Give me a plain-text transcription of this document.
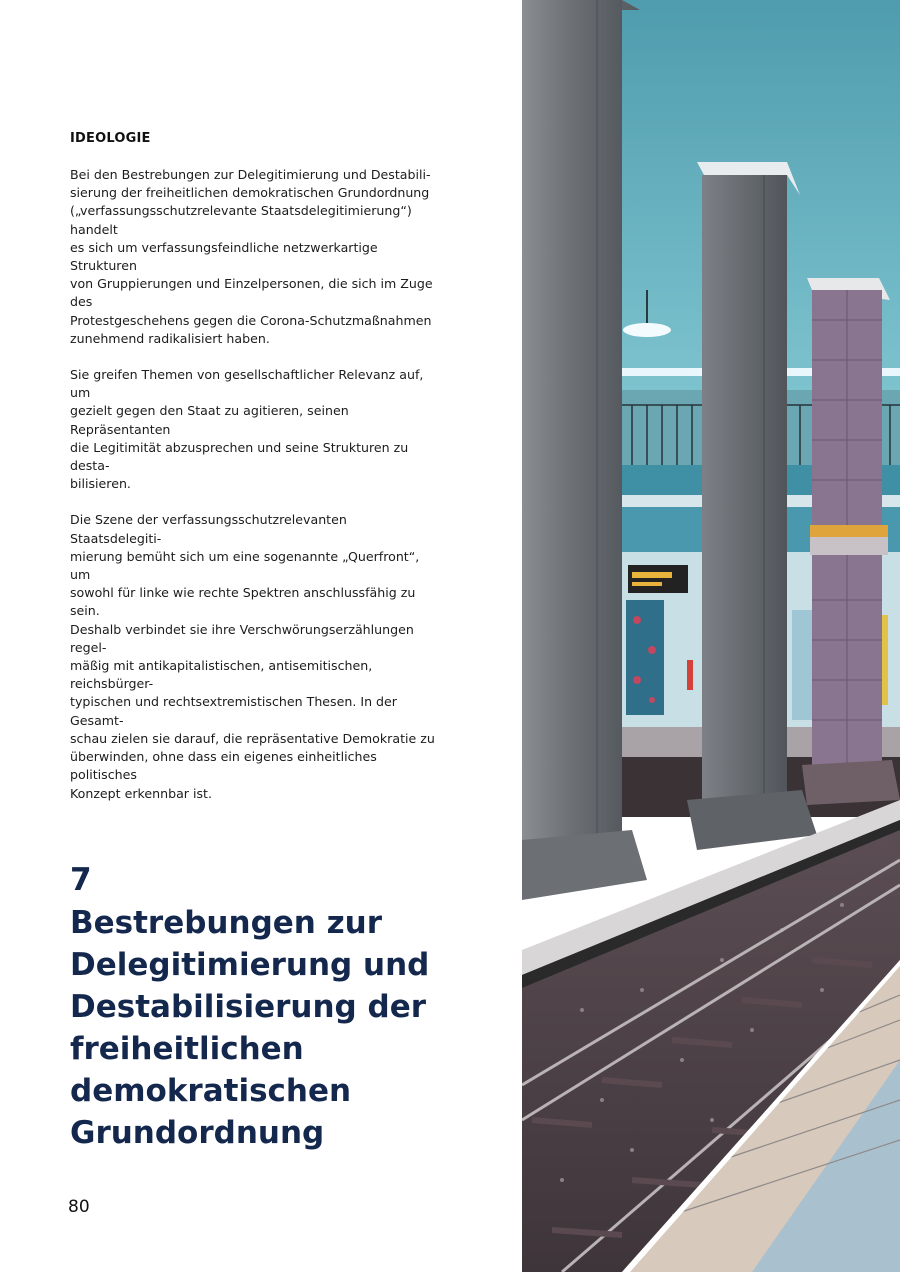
IDEOLOGIE

Bei den Bestrebungen zur Delegitimierung und Destabili-
sierung der freiheitlichen demokratischen Grundordnung
(„verfassungsschutzrelevante Staatsdelegitimierung“) handelt
es sich um verfassungsfeindliche netzwerkartige Strukturen
von Gruppierungen und Einzelpersonen, die sich im Zuge des
Protestgeschehens gegen die Corona-Schutzmaßnahmen
zunehmend radikalisiert haben.

Sie greifen Themen von gesellschaftlicher Relevanz auf, um
gezielt gegen den Staat zu agitieren, seinen Repräsentanten
die Legitimität abzusprechen und seine Strukturen zu desta-
bilisieren.

Die Szene der verfassungsschutzrelevanten Staatsdelegiti-
mierung bemüht sich um eine sogenannte „Querfront“, um
sowohl für linke wie rechte Spektren anschlussfähig zu sein.
Deshalb verbindet sie ihre Verschwörungserzählungen regel-
mäßig mit antikapitalistischen, antisemitischen, reichsbürger-
typischen und rechtsextremistischen Thesen. In der Gesamt-
schau zielen sie darauf, die repräsentative Demokratie zu
überwinden, ohne dass ein eigenes einheitliches politisches
Konzept erkennbar ist.

7
Bestrebungen zur
Delegitimierung und
Destabilisierung der
freiheitlichen
demokratischen
Grundordnung
80
